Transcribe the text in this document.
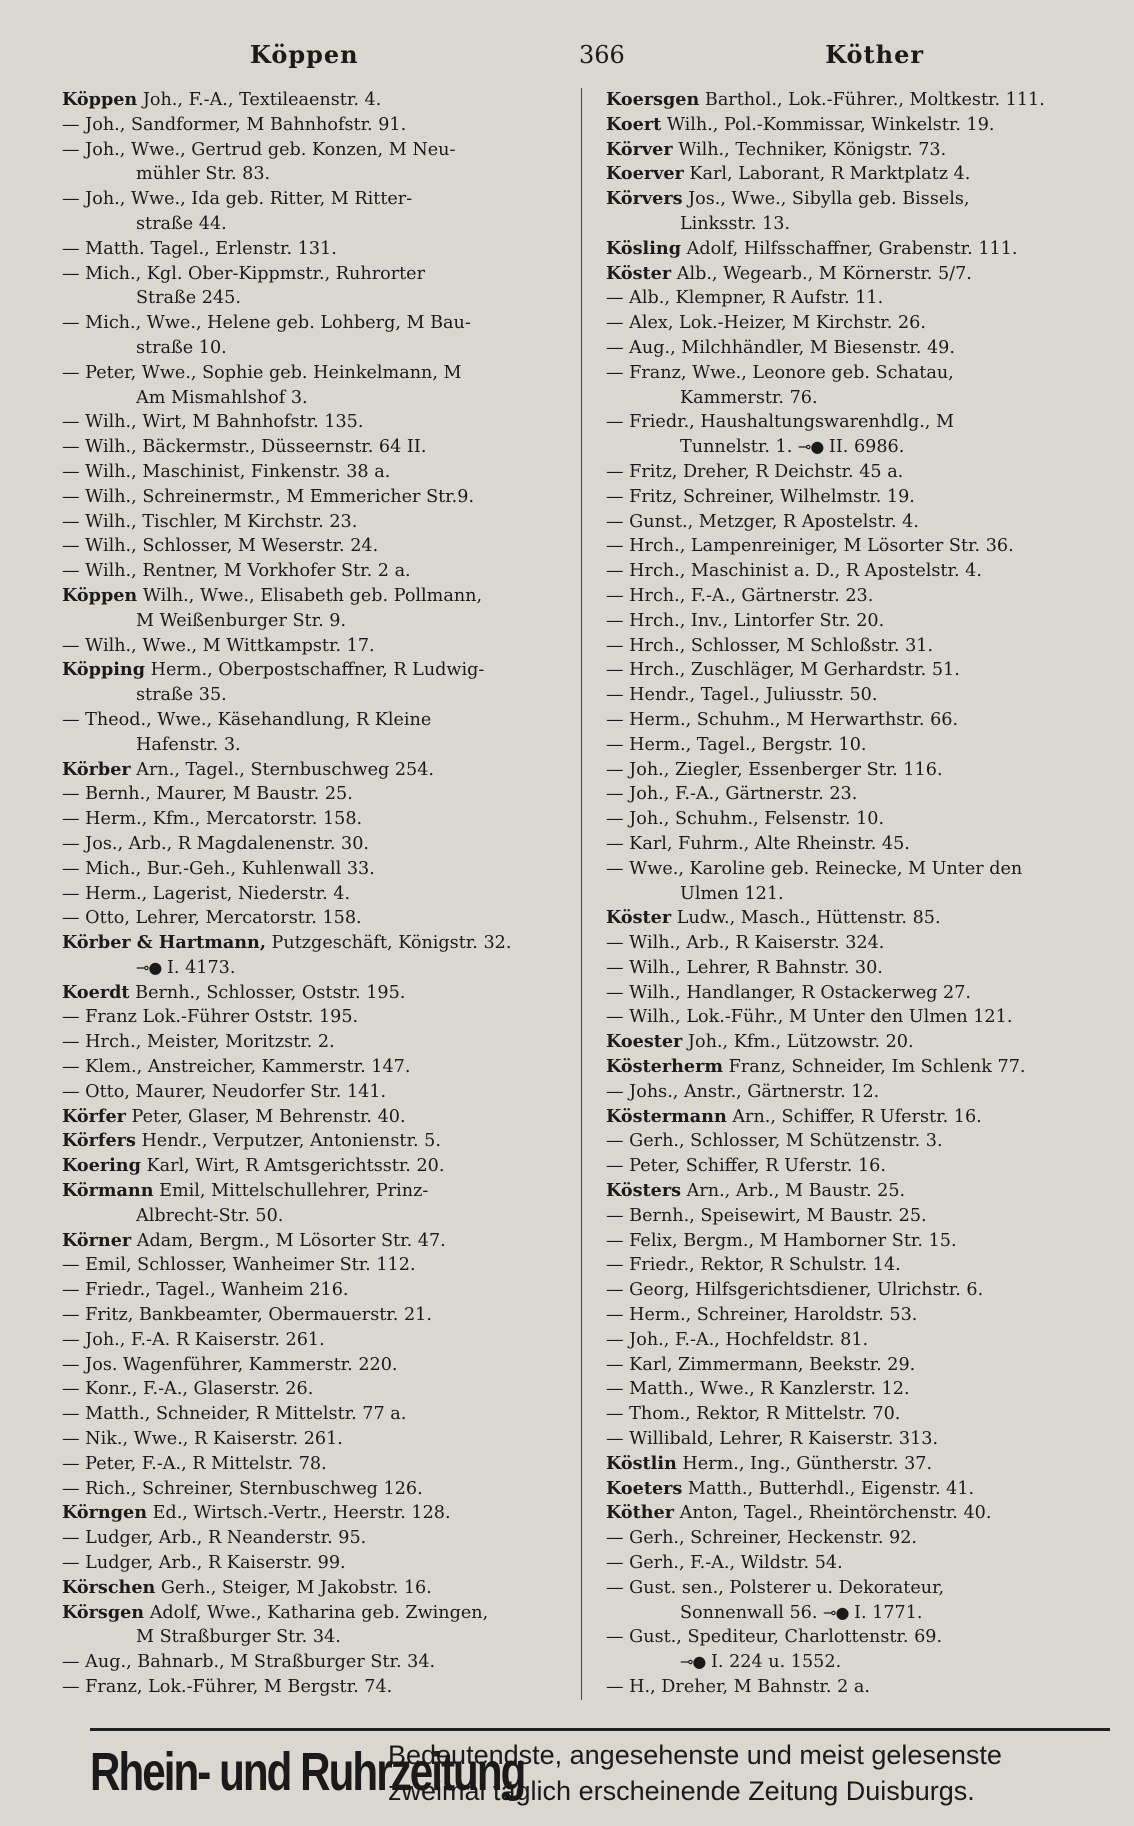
Köppen	366	Köther
Köppen Joh., F.-A., Textileaenstr. 4.
— Joh., Sandformer, M Bahnhofstr. 91.
— Joh., Wwe., Gertrud geb. Konzen, M Neu-
mühler Str. 83.
— Joh., Wwe., Ida geb. Ritter, M Ritter-
straße 44.
— Matth. Tagel., Erlenstr. 131.
— Mich., Kgl. Ober-Kippmstr., Ruhrorter
Straße 245.
— Mich., Wwe., Helene geb. Lohberg, M Bau-
straße 10.
— Peter, Wwe., Sophie geb. Heinkelmann, M
Am Mismahlshof 3.
— Wilh., Wirt, M Bahnhofstr. 135.
— Wilh., Bäckermstr., Düsseernstr. 64 II.
— Wilh., Maschinist, Finkenstr. 38 a.
— Wilh., Schreinermstr., M Emmericher Str.9.
— Wilh., Tischler, M Kirchstr. 23.
— Wilh., Schlosser, M Weserstr. 24.
— Wilh., Rentner, M Vorkhofer Str. 2 a.
Köppen Wilh., Wwe., Elisabeth geb. Pollmann,
M Weißenburger Str. 9.
— Wilh., Wwe., M Wittkampstr. 17.
Köpping Herm., Oberpostschaffner, R Ludwig-
straße 35.
— Theod., Wwe., Käsehandlung, R Kleine
Hafenstr. 3.
Körber Arn., Tagel., Sternbuschweg 254.
— Bernh., Maurer, M Baustr. 25.
— Herm., Kfm., Mercatorstr. 158.
— Jos., Arb., R Magdalenenstr. 30.
— Mich., Bur.-Geh., Kuhlenwall 33.
— Herm., Lagerist, Niederstr. 4.
— Otto, Lehrer, Mercatorstr. 158.
Körber & Hartmann, Putzgeschäft, Königstr. 32.
⊸● I. 4173.
Koerdt Bernh., Schlosser, Oststr. 195.
— Franz Lok.-Führer Oststr. 195.
— Hrch., Meister, Moritzstr. 2.
— Klem., Anstreicher, Kammerstr. 147.
— Otto, Maurer, Neudorfer Str. 141.
Körfer Peter, Glaser, M Behrenstr. 40.
Körfers Hendr., Verputzer, Antonienstr. 5.
Koering Karl, Wirt, R Amtsgerichtsstr. 20.
Körmann Emil, Mittelschullehrer, Prinz-
Albrecht-Str. 50.
Körner Adam, Bergm., M Lösorter Str. 47.
— Emil, Schlosser, Wanheimer Str. 112.
— Friedr., Tagel., Wanheim 216.
— Fritz, Bankbeamter, Obermauerstr. 21.
— Joh., F.-A. R Kaiserstr. 261.
— Jos. Wagenführer, Kammerstr. 220.
— Konr., F.-A., Glaserstr. 26.
— Matth., Schneider, R Mittelstr. 77 a.
— Nik., Wwe., R Kaiserstr. 261.
— Peter, F.-A., R Mittelstr. 78.
— Rich., Schreiner, Sternbuschweg 126.
Körngen Ed., Wirtsch.-Vertr., Heerstr. 128.
— Ludger, Arb., R Neanderstr. 95.
— Ludger, Arb., R Kaiserstr. 99.
Körschen Gerh., Steiger, M Jakobstr. 16.
Körsgen Adolf, Wwe., Katharina geb. Zwingen,
M Straßburger Str. 34.
— Aug., Bahnarb., M Straßburger Str. 34.
— Franz, Lok.-Führer, M Bergstr. 74.
Koersgen Barthol., Lok.-Führer., Moltkestr. 111.
Koert Wilh., Pol.-Kommissar, Winkelstr. 19.
Körver Wilh., Techniker, Königstr. 73.
Koerver Karl, Laborant, R Marktplatz 4.
Körvers Jos., Wwe., Sibylla geb. Bissels,
Linksstr. 13.
Kösling Adolf, Hilfsschaffner, Grabenstr. 111.
Köster Alb., Wegearb., M Körnerstr. 5/7.
— Alb., Klempner, R Aufstr. 11.
— Alex, Lok.-Heizer, M Kirchstr. 26.
— Aug., Milchhändler, M Biesenstr. 49.
— Franz, Wwe., Leonore geb. Schatau,
Kammerstr. 76.
— Friedr., Haushaltungswarenhdlg., M
Tunnelstr. 1. ⊸● II. 6986.
— Fritz, Dreher, R Deichstr. 45 a.
— Fritz, Schreiner, Wilhelmstr. 19.
— Gunst., Metzger, R Apostelstr. 4.
— Hrch., Lampenreiniger, M Lösorter Str. 36.
— Hrch., Maschinist a. D., R Apostelstr. 4.
— Hrch., F.-A., Gärtnerstr. 23.
— Hrch., Inv., Lintorfer Str. 20.
— Hrch., Schlosser, M Schloßstr. 31.
— Hrch., Zuschläger, M Gerhardstr. 51.
— Hendr., Tagel., Juliusstr. 50.
— Herm., Schuhm., M Herwarthstr. 66.
— Herm., Tagel., Bergstr. 10.
— Joh., Ziegler, Essenberger Str. 116.
— Joh., F.-A., Gärtnerstr. 23.
— Joh., Schuhm., Felsenstr. 10.
— Karl, Fuhrm., Alte Rheinstr. 45.
— Wwe., Karoline geb. Reinecke, M Unter den
Ulmen 121.
Köster Ludw., Masch., Hüttenstr. 85.
— Wilh., Arb., R Kaiserstr. 324.
— Wilh., Lehrer, R Bahnstr. 30.
— Wilh., Handlanger, R Ostackerweg 27.
— Wilh., Lok.-Führ., M Unter den Ulmen 121.
Koester Joh., Kfm., Lützowstr. 20.
Kösterherm Franz, Schneider, Im Schlenk 77.
— Johs., Anstr., Gärtnerstr. 12.
Köstermann Arn., Schiffer, R Uferstr. 16.
— Gerh., Schlosser, M Schützenstr. 3.
— Peter, Schiffer, R Uferstr. 16.
Kösters Arn., Arb., M Baustr. 25.
— Bernh., Speisewirt, M Baustr. 25.
— Felix, Bergm., M Hamborner Str. 15.
— Friedr., Rektor, R Schulstr. 14.
— Georg, Hilfsgerichtsdiener, Ulrichstr. 6.
— Herm., Schreiner, Haroldstr. 53.
— Joh., F.-A., Hochfeldstr. 81.
— Karl, Zimmermann, Beekstr. 29.
— Matth., Wwe., R Kanzlerstr. 12.
— Thom., Rektor, R Mittelstr. 70.
— Willibald, Lehrer, R Kaiserstr. 313.
Köstlin Herm., Ing., Güntherstr. 37.
Koeters Matth., Butterhdl., Eigenstr. 41.
Köther Anton, Tagel., Rheintörchenstr. 40.
— Gerh., Schreiner, Heckenstr. 92.
— Gerh., F.-A., Wildstr. 54.
— Gust. sen., Polsterer u. Dekorateur,
Sonnenwall 56. ⊸● I. 1771.
— Gust., Spediteur, Charlottenstr. 69.
⊸● I. 224 u. 1552.
— H., Dreher, M Bahnstr. 2 a.
Rhein- und Ruhrzeitung
Bedeutendste, angesehenste und meist gelesenste
zweimal täglich erscheinende Zeitung Duisburgs.
